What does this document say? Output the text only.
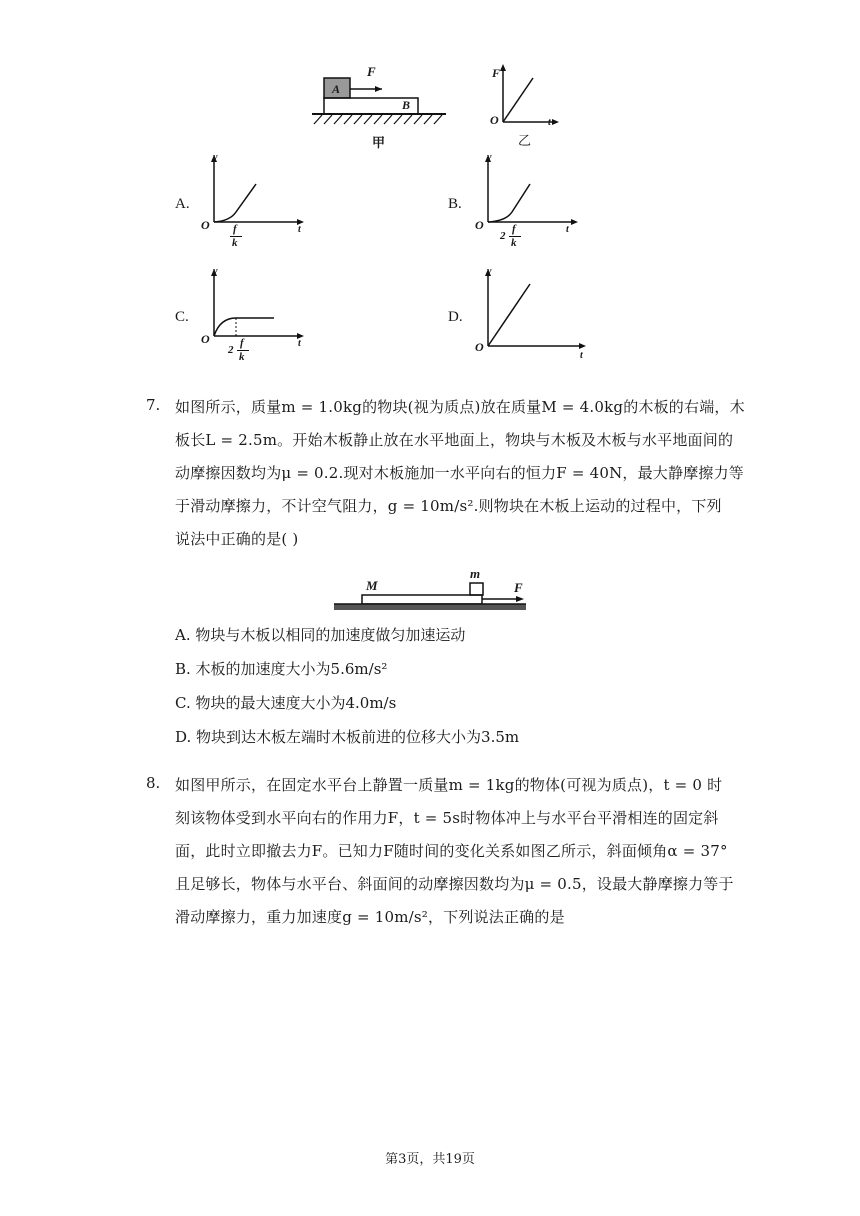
F
A
B
甲
F
O	t
乙
A.
v
O	t
f
k
B.
v
O	t
2
f
k
C.
v
O	t
2
f
k
D.
v
O
t
7. 如图所示，质量m = 1.0kg的物块(视为质点)放在质量M = 4.0kg的木板的右端，木
板长L = 2.5m。开始木板静止放在水平地面上，物块与木板及木板与水平地面间的
动摩擦因数均为μ = 0.2.现对木板施加一水平向右的恒力F = 40N，最大静摩擦力等
于滑动摩擦力，不计空气阻力，g = 10m/s².则物块在木板上运动的过程中，下列
说法中正确的是( )
M
m
F
A. 物块与木板以相同的加速度做匀加速运动
B. 木板的加速度大小为5.6m/s²
C. 物块的最大速度大小为4.0m/s
D. 物块到达木板左端时木板前进的位移大小为3.5m
8. 如图甲所示，在固定水平台上静置一质量m = 1kg的物体(可视为质点)，t = 0 时
刻该物体受到水平向右的作用力F，t = 5s时物体冲上与水平台平滑相连的固定斜
面，此时立即撤去力F。已知力F随时间的变化关系如图乙所示，斜面倾角α = 37°
且足够长，物体与水平台、斜面间的动摩擦因数均为μ = 0.5，设最大静摩擦力等于
滑动摩擦力，重力加速度g = 10m/s²，下列说法正确的是
第3页，共19页
